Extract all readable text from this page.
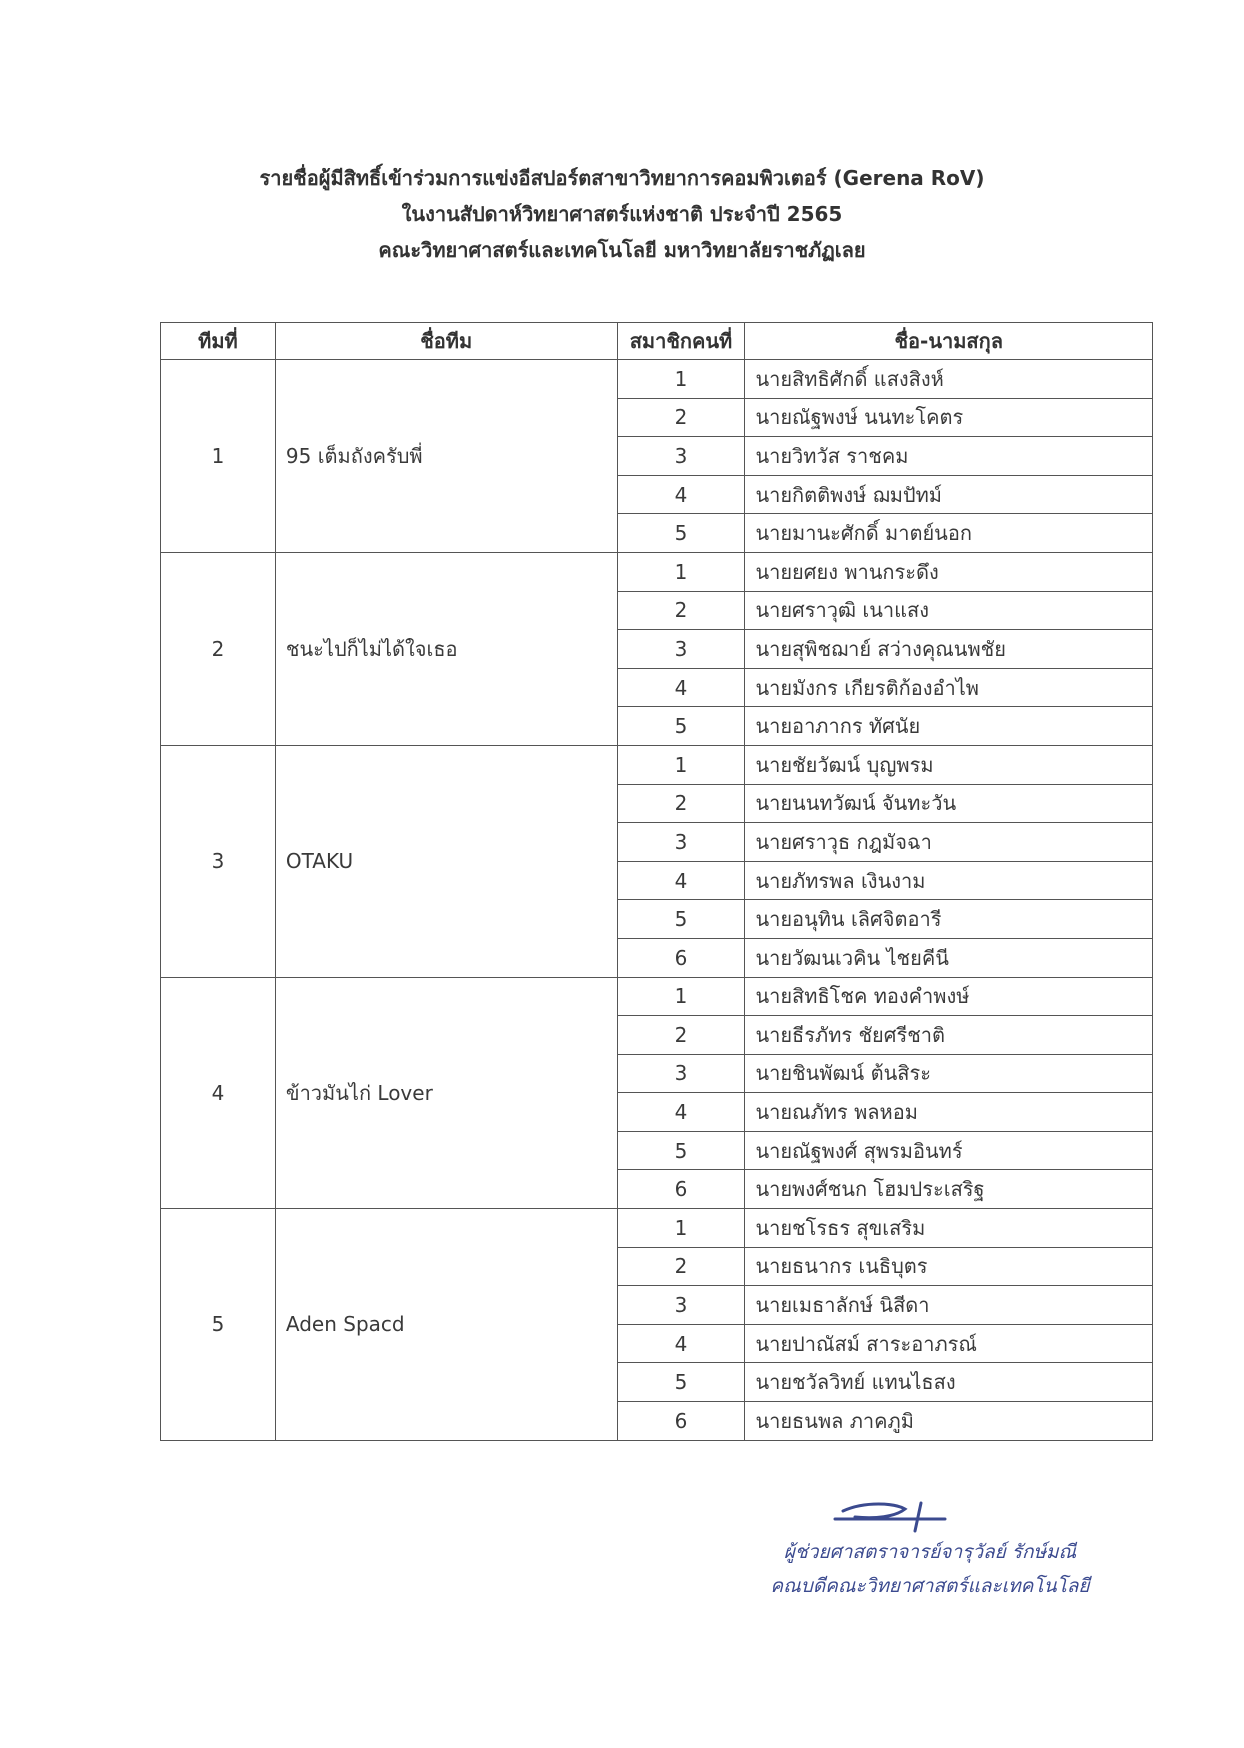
รายชื่อผู้มีสิทธิ์เข้าร่วมการแข่งอีสปอร์ตสาขาวิทยาการคอมพิวเตอร์ (Gerena RoV)
ในงานสัปดาห์วิทยาศาสตร์แห่งชาติ ประจำปี 2565
คณะวิทยาศาสตร์และเทคโนโลยี มหาวิทยาลัยราชภัฏเลย
ทีมที่	ชื่อทีม	สมาชิกคนที่	ชื่อ-นามสกุล
1	95 เต็มถังครับพี่	1	นายสิทธิศักดิ์ แสงสิงห์
		2	นายณัฐพงษ์ นนทะโคตร
		3	นายวิทวัส ราชคม
		4	นายกิตติพงษ์ ฌมปัทม์
		5	นายมานะศักดิ์ มาตย์นอก
2	ชนะไปก็ไม่ได้ใจเธอ	1	นายยศยง พานกระดึง
		2	นายศราวุฒิ เนาแสง
		3	นายสุพิชฌาย์ สว่างคุณนพชัย
		4	นายมังกร เกียรติก้องอำไพ
		5	นายอาภากร ทัศนัย
3	OTAKU	1	นายชัยวัฒน์ บุญพรม
		2	นายนนทวัฒน์ จันทะวัน
		3	นายศราวุธ กฎมัจฉา
		4	นายภัทรพล เงินงาม
		5	นายอนุทิน เลิศจิตอารี
		6	นายวัฒนเวคิน ไชยคีนี
4	ข้าวมันไก่ Lover	1	นายสิทธิโชค ทองคำพงษ์
		2	นายธีรภัทร ชัยศรีชาติ
		3	นายชินพัฒน์ ต้นสิระ
		4	นายณภัทร พลหอม
		5	นายณัฐพงศ์ สุพรมอินทร์
		6	นายพงศ์ชนก โฮมประเสริฐ
5	Aden Spacd	1	นายชโรธร สุขเสริม
		2	นายธนากร เนธิบุตร
		3	นายเมธาลักษ์ นิสีดา
		4	นายปาณัสม์ สาระอาภรณ์
		5	นายชวัลวิทย์ แทนไธสง
		6	นายธนพล ภาคภูมิ
ผู้ช่วยศาสตราจารย์จารุวัลย์ รักษ์มณี
คณบดีคณะวิทยาศาสตร์และเทคโนโลยี
